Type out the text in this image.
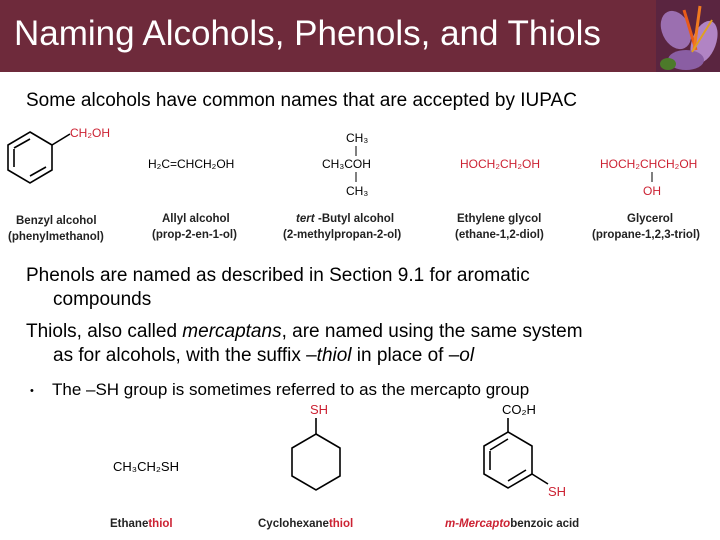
Naming Alcohols, Phenols, and Thiols
Some alcohols have common names that are accepted by IUPAC
CH₂OH
H₂C=CHCH₂OH
CH₃
CH₃COH
CH₃
HOCH₂CH₂OH	HOCH₂CHCH₂OH
OH
Benzyl alcohol
(phenylmethanol)
Allyl alcohol
(prop-2-en-1-ol)
tert -Butyl alcohol
(2-methylpropan-2-ol)
Ethylene glycol
(ethane-1,2-diol)
Glycerol
(propane-1,2,3-triol)

Phenols are named as described in Section 9.1 for aromatic
compounds

Thiols, also called mercaptans, are named using the same system
as for alcohols, with the suffix –thiol in place of –ol

• The –SH group is sometimes referred to as the mercapto group
CH₃CH₂SH
SH	CO₂H
SH
Ethanethiol	Cyclohexanethiol	m-Mercaptobenzoic acid
